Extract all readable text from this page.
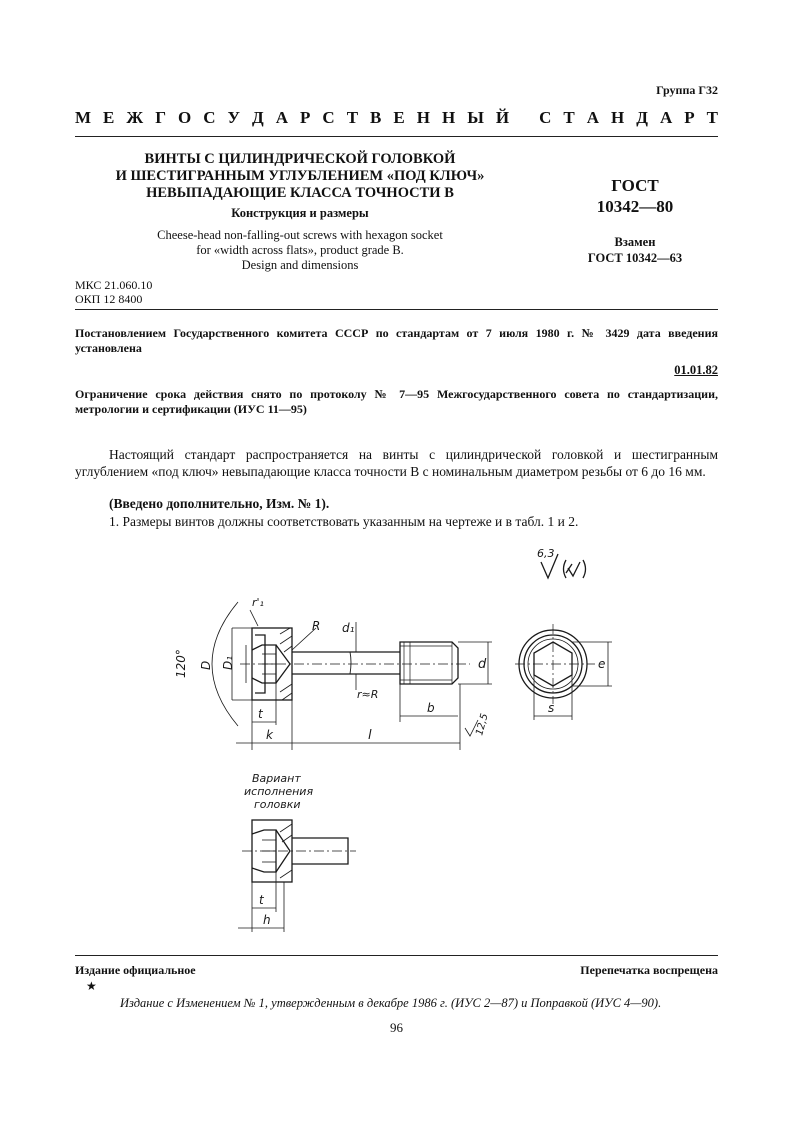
Группа Г32
М Е Ж Г О С У Д А Р С Т В Е Н Н Ы Й С Т А Н Д А Р Т
ВИНТЫ С ЦИЛИНДРИЧЕСКОЙ ГОЛОВКОЙ
И ШЕСТИГРАННЫМ УГЛУБЛЕНИЕМ «ПОД КЛЮЧ»
НЕВЫПАДАЮЩИЕ КЛАССА ТОЧНОСТИ В
Конструкция и размеры
Cheese-head non-falling-out screws with hexagon socket
for «width across flats», product grade B.
Design and dimensions
ГОСТ
10342—80
Взамен
ГОСТ 10342—63
МКС 21.060.10
ОКП 12 8400
Постановлением Государственного комитета СССР по стандартам от 7 июля 1980 г. № 3429 дата введения установлена
01.01.82
Ограничение срока действия снято по протоколу № 7—95 Межгосударственного совета по стандартизации, метрологии и сертификации (ИУС 11—95)
Настоящий стандарт распространяется на винты с цилиндрической головкой и шестигранным углублением «под ключ» невыпадающие класса точности В с номинальным диаметром резьбы от 6 до 16 мм.
(Введено дополнительно, Изм. № 1).
1. Размеры винтов должны соответствовать указанным на чертеже и в табл. 1 и 2.
6,3
d
d₁
R
r≈R
r'₁
120° D D₁
t
k	l
b
12,5
e
s
Вариант
исполнения
головки
t
h
Издание официальное
★
Перепечатка воспрещена
Издание с Изменением № 1, утвержденным в декабре 1986 г. (ИУС 2—87) и Поправкой (ИУС 4—90).
96
